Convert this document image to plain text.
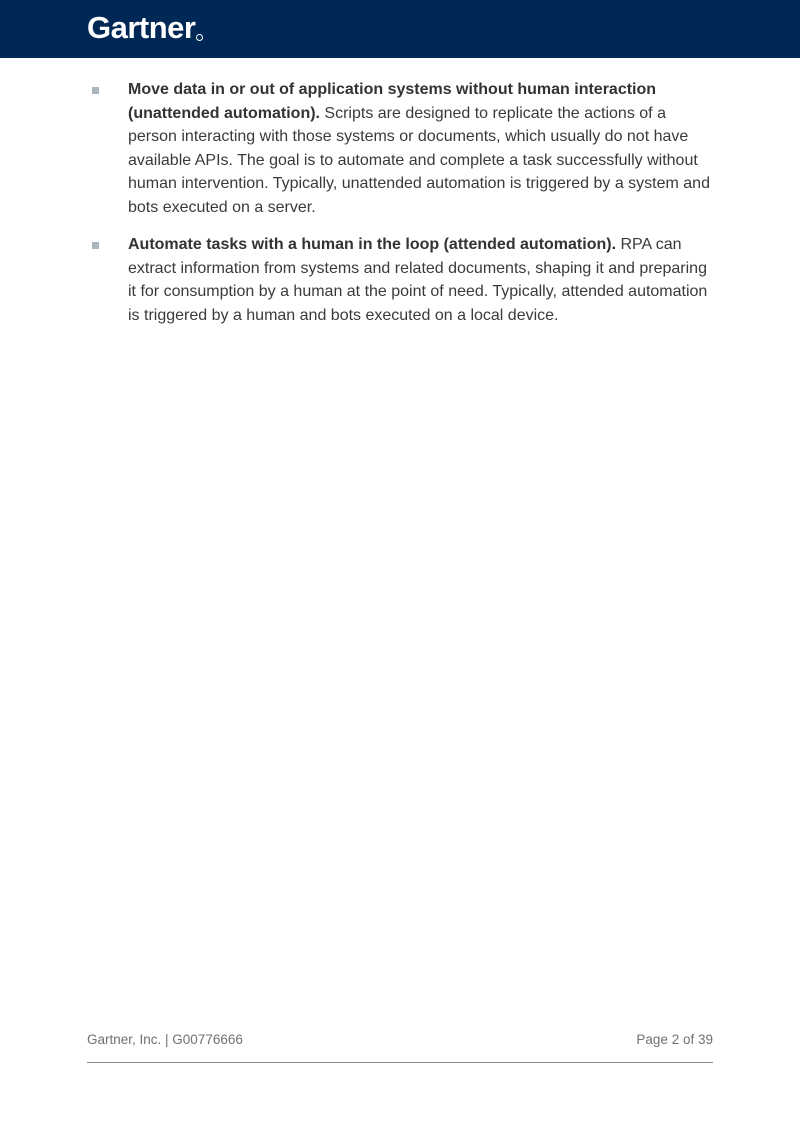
Gartner
Move data in or out of application systems without human interaction (unattended automation). Scripts are designed to replicate the actions of a person interacting with those systems or documents, which usually do not have available APIs. The goal is to automate and complete a task successfully without human intervention. Typically, unattended automation is triggered by a system and bots executed on a server.
Automate tasks with a human in the loop (attended automation). RPA can extract information from systems and related documents, shaping it and preparing it for consumption by a human at the point of need. Typically, attended automation is triggered by a human and bots executed on a local device.
Gartner, Inc. | G00776666	Page 2 of 39
